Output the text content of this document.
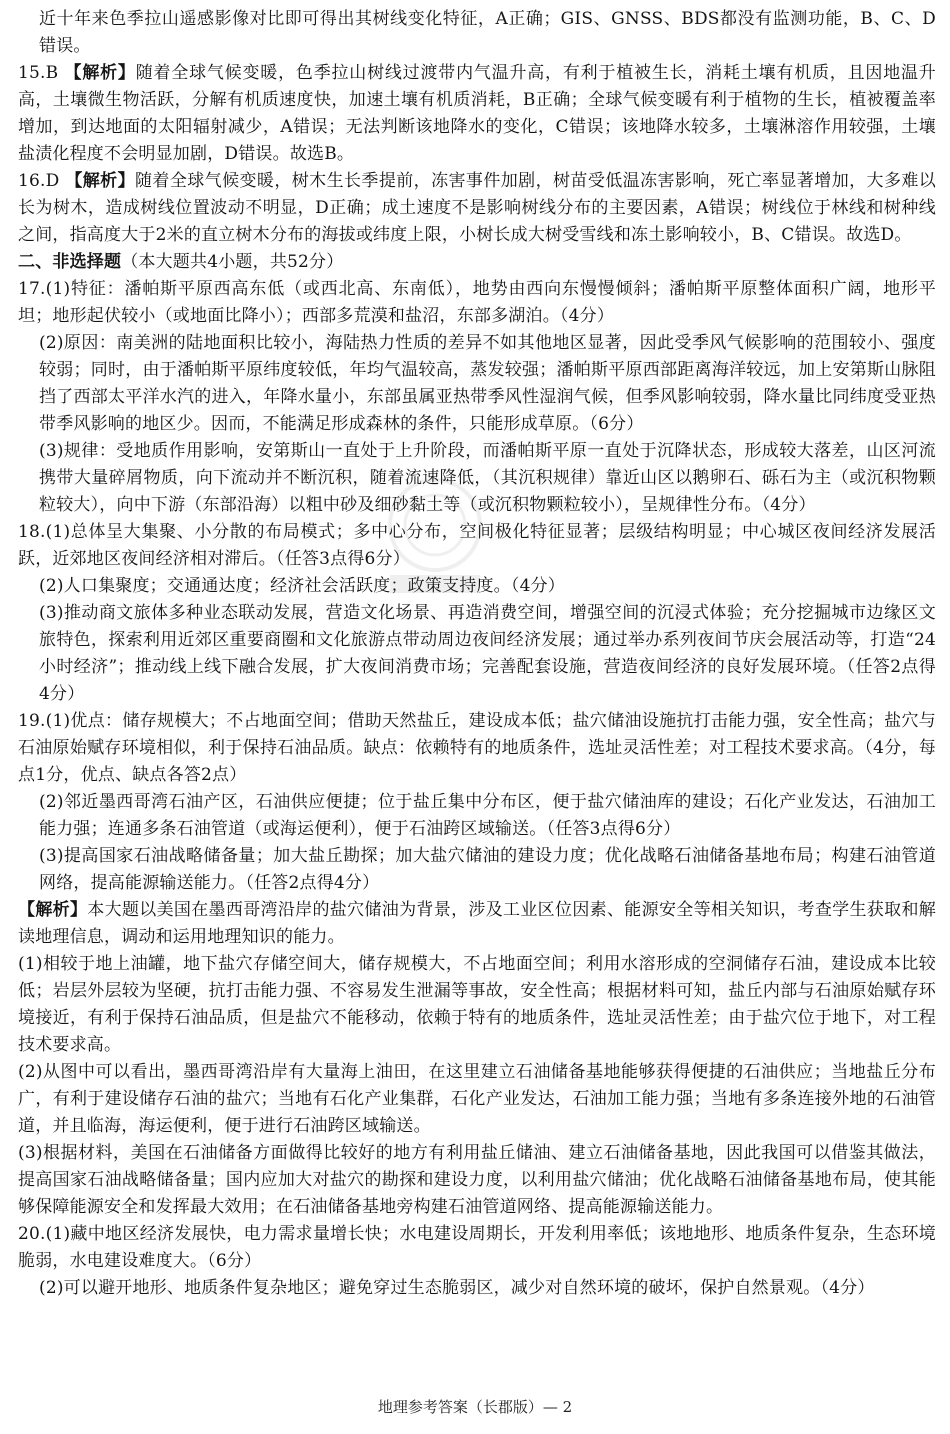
近十年来色季拉山遥感影像对比即可得出其树线变化特征，A正确；GIS、GNSS、BDS都没有监测功能，B、C、D错误。

15.B 【解析】随着全球气候变暖，色季拉山树线过渡带内气温升高，有利于植被生长，消耗土壤有机质，且因地温升高，土壤微生物活跃，分解有机质速度快，加速土壤有机质消耗，B正确；全球气候变暖有利于植物的生长，植被覆盖率增加，到达地面的太阳辐射减少，A错误；无法判断该地降水的变化，C错误；该地降水较多，土壤淋溶作用较强，土壤盐渍化程度不会明显加剧，D错误。故选B。

16.D 【解析】随着全球气候变暖，树木生长季提前，冻害事件加剧，树苗受低温冻害影响，死亡率显著增加，大多难以长为树木，造成树线位置波动不明显，D正确；成土速度不是影响树线分布的主要因素，A错误；树线位于林线和树种线之间，指高度大于2米的直立树木分布的海拔或纬度上限，小树长成大树受雪线和冻土影响较小，B、C错误。故选D。

二、非选择题（本大题共4小题，共52分）

17.(1)特征：潘帕斯平原西高东低（或西北高、东南低），地势由西向东慢慢倾斜；潘帕斯平原整体面积广阔，地形平坦；地形起伏较小（或地面比降小）；西部多荒漠和盐沼，东部多湖泊。（4分）

(2)原因：南美洲的陆地面积比较小，海陆热力性质的差异不如其他地区显著，因此受季风气候影响的范围较小、强度较弱；同时，由于潘帕斯平原纬度较低，年均气温较高，蒸发较强；潘帕斯平原西部距离海洋较远，加上安第斯山脉阻挡了西部太平洋水汽的进入，年降水量小，东部虽属亚热带季风性湿润气候，但季风影响较弱，降水量比同纬度受亚热带季风影响的地区少。因而，不能满足形成森林的条件，只能形成草原。（6分）

(3)规律：受地质作用影响，安第斯山一直处于上升阶段，而潘帕斯平原一直处于沉降状态，形成较大落差，山区河流携带大量碎屑物质，向下流动并不断沉积，随着流速降低，（其沉积规律）靠近山区以鹅卵石、砾石为主（或沉积物颗粒较大），向中下游（东部沿海）以粗中砂及细砂黏土等（或沉积物颗粒较小），呈规律性分布。（4分）

18.(1)总体呈大集聚、小分散的布局模式；多中心分布，空间极化特征显著；层级结构明显；中心城区夜间经济发展活跃，近郊地区夜间经济相对滞后。（任答3点得6分）

(2)人口集聚度；交通通达度；经济社会活跃度；政策支持度。（4分）

(3)推动商文旅体多种业态联动发展，营造文化场景、再造消费空间，增强空间的沉浸式体验；充分挖掘城市边缘区文旅特色，探索利用近郊区重要商圈和文化旅游点带动周边夜间经济发展；通过举办系列夜间节庆会展活动等，打造“24小时经济”；推动线上线下融合发展，扩大夜间消费市场；完善配套设施，营造夜间经济的良好发展环境。（任答2点得4分）

19.(1)优点：储存规模大；不占地面空间；借助天然盐丘，建设成本低；盐穴储油设施抗打击能力强，安全性高；盐穴与石油原始赋存环境相似，利于保持石油品质。缺点：依赖特有的地质条件，选址灵活性差；对工程技术要求高。（4分，每点1分，优点、缺点各答2点）

(2)邻近墨西哥湾石油产区，石油供应便捷；位于盐丘集中分布区，便于盐穴储油库的建设；石化产业发达，石油加工能力强；连通多条石油管道（或海运便利），便于石油跨区域输送。（任答3点得6分）

(3)提高国家石油战略储备量；加大盐丘勘探；加大盐穴储油的建设力度；优化战略石油储备基地布局；构建石油管道网络，提高能源输送能力。（任答2点得4分）

【解析】本大题以美国在墨西哥湾沿岸的盐穴储油为背景，涉及工业区位因素、能源安全等相关知识，考查学生获取和解读地理信息，调动和运用地理知识的能力。

(1)相较于地上油罐，地下盐穴存储空间大，储存规模大，不占地面空间；利用水溶形成的空洞储存石油，建设成本比较低；岩层外层较为坚硬，抗打击能力强、不容易发生泄漏等事故，安全性高；根据材料可知，盐丘内部与石油原始赋存环境接近，有利于保持石油品质，但是盐穴不能移动，依赖于特有的地质条件，选址灵活性差；由于盐穴位于地下，对工程技术要求高。

(2)从图中可以看出，墨西哥湾沿岸有大量海上油田，在这里建立石油储备基地能够获得便捷的石油供应；当地盐丘分布广，有利于建设储存石油的盐穴；当地有石化产业集群，石化产业发达，石油加工能力强；当地有多条连接外地的石油管道，并且临海，海运便利，便于进行石油跨区域输送。

(3)根据材料，美国在石油储备方面做得比较好的地方有利用盐丘储油、建立石油储备基地，因此我国可以借鉴其做法，提高国家石油战略储备量；国内应加大对盐穴的勘探和建设力度，以利用盐穴储油；优化战略石油储备基地布局，使其能够保障能源安全和发挥最大效用；在石油储备基地旁构建石油管道网络、提高能源输送能力。

20.(1)藏中地区经济发展快，电力需求量增长快；水电建设周期长，开发利用率低；该地地形、地质条件复杂，生态环境脆弱，水电建设难度大。（6分）

(2)可以避开地形、地质条件复杂地区；避免穿过生态脆弱区，减少对自然环境的破坏，保护自然景观。（4分）

地理参考答案（长郡版）— 2
